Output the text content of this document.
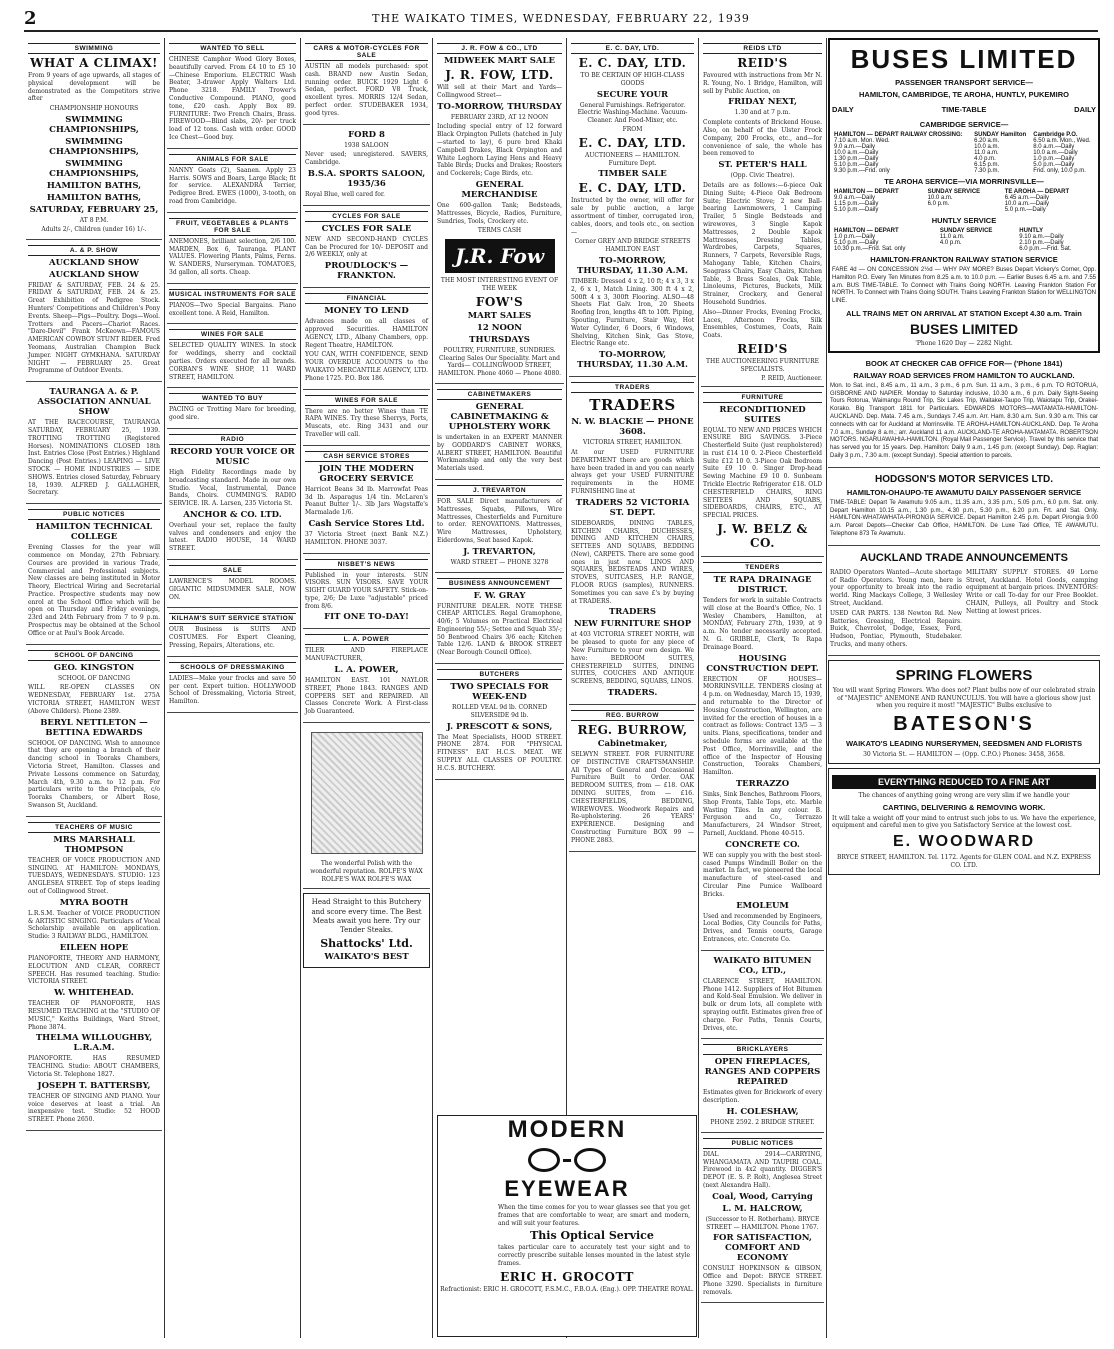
2	THE WAIKATO TIMES, WEDNESDAY, FEBRUARY 22, 1939
SWIMMING
WHAT A CLIMAX!
From 9 years of age upwards, all stages of physical development will be demonstrated as the Competitors strive after
CHAMPIONSHIP HONOURS
SWIMMING CHAMPIONSHIPS,
SWIMMING CHAMPIONSHIPS,
SWIMMING CHAMPIONSHIPS,
HAMILTON BATHS,
HAMILTON BATHS,
SATURDAY, FEBRUARY 25,
AT 8 P.M.
Adults 2/-, Children (under 16) 1/-.
A. & P. SHOW
AUCKLAND SHOW
AUCKLAND SHOW
FRIDAY & SATURDAY, FEB. 24 & 25. FRIDAY & SATURDAY, FEB. 24 & 25. Great Exhibition of Pedigree Stock. Hunters' Competitions and Children's Pony Events. Sheep—Pigs—Poultry. Dogs—Wool. Trotters and Pacers—Chariot Races. "Dare-Devil" Frank McKeown—FAMOUS AMERICAN COWBOY STUNT RIDER. Fred Yeomans, Australian Champion Buck Jumper. NIGHT GYMKHANA. SATURDAY NIGHT — FEBRUARY 25. Great Programme of Outdoor Events.
TAURANGA A. & P. ASSOCIATION ANNUAL SHOW
AT THE RACECOURSE, TAURANGA SATURDAY, FEBRUARY 25, 1939. TROTTING TROTTING (Registered Horses). NOMINATIONS CLOSED 18th Inst. Entries Close (Post Entries.) Highland Dancing (Post Entries.) LEAPING — LIVE STOCK — HOME INDUSTRIES — SIDE SHOWS. Entries closed Saturday, February 18, 1939. ALFRED J. GALLAGHER, Secretary.
PUBLIC NOTICES
HAMILTON TECHNICAL COLLEGE
Evening Classes for the year will commence on Monday, 27th February. Courses are provided in various Trade, Commercial and Professional subjects. New classes are being instituted in Motor Theory, Electrical Wiring and Secretarial Practice. Prospective students may now enrol at the School Office which will be open on Thursday and Friday evenings, 23rd and 24th February from 7 to 9 p.m. Prospectus may be obtained at the School Office or at Paul's Book Arcade.
SCHOOL OF DANCING
GEO. KINGSTON
SCHOOL OF DANCING
WILL RE-OPEN CLASSES ON WEDNESDAY, FEBRUARY 1st. 275A VICTORIA STREET, HAMILTON WEST (Above Childers). Phone 2389.
BERYL NETTLETON — BETTINA EDWARDS
SCHOOL OF DANCING. Wish to announce that they are opening a branch of their dancing school in Tooraks Chambers, Victoria Street, Hamilton. Classes and Private Lessons commence on Saturday, March 4th, 9.30 a.m. to 12 p.m. For particulars write to the Principals, c/o Tooraks Chambers, or Albert Rose, Swanson St, Auckland.
TEACHERS OF MUSIC
MRS MARSHALL THOMPSON
TEACHER OF VOICE PRODUCTION AND SINGING. AT HAMILTON: MONDAYS, TUESDAYS, WEDNESDAYS. STUDIO: 123 ANGLESEA STREET. Top of steps leading out of Collingwood Street.
MYRA BOOTH
L.R.S.M. Teacher of VOICE PRODUCTION & ARTISTIC SINGING. Particulars of Vocal Scholarship available on application. Studio: 3 RAILWAY BLDG., HAMILTON.
EILEEN HOPE
PIANOFORTE, THEORY AND HARMONY, ELOCUTION AND CLEAR, CORRECT SPEECH. Has resumed teaching. Studio: VICTORIA STREET.
W. WHITEHEAD.
TEACHER OF PIANOFORTE, HAS RESUMED TEACHING at the "STUDIO OF MUSIC," Keiths Buildings, Ward Street, Phone 3874.
THELMA WILLOUGHBY, L.R.A.M.
PIANOFORTE. HAS RESUMED TEACHING. Studio: ABOUT CHAMBERS, Victoria St. Telephone 1827.
JOSEPH T. BATTERSBY,
TEACHER OF SINGING AND PIANO. Your voice deserves at least a trial. An inexpensive test. Studio: 52 HOOD STREET. Phone 2650.
WANTED TO SELL
CHINESE Camphor Wood Glory Boxes, beautifully carved. From £4 10 to £5 10—Chinese Emporium. ELECTRIC Wash Beater, 3-drawer Apply Walters Ltd. Phone 3218. FAMILY Trower's Conductive Compound. PIANO, good tone, £20 cash. Apply Box 89. FURNITURE: Two French Chairs, Brass. FIREWOOD—Blind slabs, 20/- per truck load of 12 tons. Cash with order. GOOD Ice Chest—Good buy.
ANIMALS FOR SALE
NANNY Goats (2), Saanen. Apply 23 Harris. SOWS and Boars, Large Black; fit for service. ALEXANDRA Terrier, Pedigree Bred. EWES (1000), 3-tooth, on road from Cambridge.
FRUIT, VEGETABLES & PLANTS FOR SALE
ANEMONES, brilliant selection, 2/6 100. MARDEN, Box 6, Tauranga. PLANT VALUES. Flowering Plants, Palms, Ferns. W. SANDERS, Nurseryman. TOMATOES, 3d gallon, all sorts. Cheap.
MUSICAL INSTRUMENTS FOR SALE
PIANOS—Two Special Bargains. Piano excellent tone. A Reid, Hamilton.
WINES FOR SALE
SELECTED QUALITY WINES. In stock for weddings, sherry and cocktail parties. Orders executed for all brands. CORBAN'S WINE SHOP, 11 WARD STREET, HAMILTON.
WANTED TO BUY
PACING or Trotting Mare for breeding, good sire.
RADIO
RECORD YOUR VOICE OR MUSIC
High Fidelity Recordings made by broadcasting standard. Made in our own Studio. Vocal, Instrumental, Dance Bands, Choirs. CUMMING'S. RADIO SERVICE. IR. A. Larsen, 235 Victoria St.
ANCHOR & CO. LTD.
Overhaul your set, replace the faulty valves and condensers and enjoy the latest. RADIO HOUSE, 14 WARD STREET.
SALE
LAWRENCE'S MODEL ROOMS. GIGANTIC MIDSUMMER SALE, NOW ON.
KILHAM'S SUIT SERVICE STATION
OUR Business is SUITS AND COSTUMES. For Expert Cleaning, Pressing, Repairs, Alterations, etc.
SCHOOLS OF DRESSMAKING
LADIES—Make your frocks and save 50 per cent. Expert tuition. HOLLYWOOD School of Dressmaking, Victoria Street, Hamilton.
CARS & MOTOR-CYCLES FOR SALE
AUSTIN all models purchased: spot cash. BRAND new Austin Sedan, running order. BUICK 1929 Light 6 Sedan, perfect. FORD V8 Truck, excellent tyres. MORRIS 12/4 Sedan, perfect order. STUDEBAKER 1934, good tyres.
FORD 8
1938 SALOON
Never used; unregistered. SAVERS, Cambridge.
B.S.A. SPORTS SALOON, 1935/36
Royal Blue, well cared for.
CYCLES FOR SALE
CYCLES FOR SALE
NEW AND SECOND-HAND CYCLES Can be Procured for 10/- DEPOSIT and 2/6 WEEKLY, only at
PROUDLOCK'S — FRANKTON.
FINANCIAL
MONEY TO LEND
Advances made on all classes of approved Securities. HAMILTON AGENCY, LTD., Albany Chambers, opp. Regent Theatre, HAMILTON.
YOU CAN, WITH CONFIDENCE, SEND YOUR OVERDUE ACCOUNTS to the WAIKATO MERCANTILE AGENCY, LTD. Phone 1725. P.O. Box 186.
WINES FOR SALE
There are no better Wines than TE RAPA WINES. Try these Sherrys, Ports, Muscats, etc. Ring 3431 and our Traveller will call.
CASH SERVICE STORES
JOIN THE MODERN GROCERY SERVICE
Harricot Beans 3d lb. Marrowfat Peas 3d lb. Asparagus 1/4 tin. McLaren's Peanut Butter 1/-. 3lb Jars Wagstaffe's Marmalade 1/6.
Cash Service Stores Ltd.
37 Victoria Street (next Bank N.Z.) HAMILTON. PHONE 3037.
NISBET'S NEWS
Published in your interests. SUN VISORS. SUN VISORS. SAVE YOUR SIGHT GUARD YOUR SAFETY. Stick-on-type, 2/6; De Luxe "adjustable" priced from 8/6.
FIT ONE TO-DAY!
L. A. POWER
TILER AND FIREPLACE MANUFACTURER,
L. A. POWER,
HAMILTON EAST. 101 NAYLOR STREET, Phone 1843. RANGES AND COPPERS SET and REPAIRED. All Classes Concrete Work. A First-class Job Guaranteed.
The wonderful Polish with the wonderful reputation. ROLFE'S WAX ROLFE'S WAX ROLFE'S WAX
Head Straight to this Butchery and score every time. The Best Meats await you here. Try our Tender Steaks.
Shattocks' Ltd.
WAIKATO'S BEST
J. R. FOW & CO., LTD
MIDWEEK MART SALE
J. R. FOW, LTD.
Will sell at their Mart and Yards—Collingwood Street—
TO-MORROW, THURSDAY
FEBRUARY 23RD, AT 12 NOON
Including special entry of 12 forward Black Orpington Pullets (hatched in July—started to lay), 6 pure bred Khaki Campbell Drakes, Black Orpington and White Leghorn Laying Hens and Heavy Table Birds; Ducks and Drakes; Roosters and Cockerels; Cage Birds, etc.
GENERAL MERCHANDISE
One 600-gallon Tank; Bedsteads, Mattresses, Bicycle, Radios, Furniture, Sundries, Tools, Crockery etc.
TERMS CASH
J.R. Fow
THE MOST INTERESTING EVENT OF THE WEEK
FOW'S
MART SALES
12 NOON
THURSDAYS
POULTRY, FURNITURE, SUNDRIES. Clearing Sales Our Speciality. Mart and Yards— COLLINGWOOD STREET, HAMILTON. Phone 4060 — Phone 4080.
CABINETMAKERS
GENERAL CABINETMAKING & UPHOLSTERY WORK
is undertaken in an EXPERT MANNER by GODDARD'S CABINET WORKS, ALBERT STREET, HAMILTON. Beautiful Workmanship and only the very best Materials used.
J. TREVARTON
FOR SALE Direct manufacturers of Mattresses, Squabs, Pillows, Wire Mattresses, Chesterfields and Furniture to order. RENOVATIONS. Mattresses, Wire Mattresses, Upholstery, Eiderdowns, Seat based Kapok.
J. TREVARTON,
WARD STREET — PHONE 3278
BUSINESS ANNOUNCEMENT
F. W. GRAY
FURNITURE DEALER. NOTE THESE CHEAP ARTICLES. Regal Gramophone, 40/6; 5 Volumes on Practical Electrical Engineering 55/-; Settee and Squab 35/-; 50 Bentwood Chairs 3/6 each; Kitchen Table 12/6. LAND & BROOK STREET (Near Borough Council Office).
BUTCHERS
TWO SPECIALS FOR WEEK-END
ROLLED VEAL 9d lb. CORNED SILVERSIDE 9d lb.
J. PRESCOTT & SONS,
The Meat Specialists, HOOD STREET. PHONE 2874. FOR "PHYSICAL FITNESS" EAT H.C.S. MEAT. WE SUPPLY ALL CLASSES OF POULTRY. H.C.S. BUTCHERY.
MODERN
EYEWEAR
When the time comes for you to wear glasses see that you get frames that are comfortable to wear, are smart and modern, and will suit your features.
This Optical Service
takes particular care to accurately test your sight and to correctly prescribe suitable lenses mounted in the latest style frames.
ERIC H. GROCOTT
Refractionist: ERIC H. GROCOTT, F.S.M.C., F.B.O.A. (Eng.). OPP. THEATRE ROYAL.
E. C. DAY, LTD.
E. C. DAY, LTD.
TO BE CERTAIN OF HIGH-CLASS GOODS
SECURE YOUR
General Furnishings. Refrigerator. Electric Washing-Machine. Vacuum-Cleaner. And Food-Mixer, etc.
FROM
E. C. DAY, LTD.
AUCTIONEERS — HAMILTON. Furniture Dept.
TIMBER SALE
E. C. DAY, LTD.
Instructed by the owner, will offer for sale by public auction, a large assortment of timber, corrugated iron, cables, doors, and tools etc., on section—
Corner GREY AND BRIDGE STREETS HAMILTON EAST
TO-MORROW, THURSDAY, 11.30 A.M.
TIMBER: Dressed 4 x 2, 10 ft; 4 x 3, 3 x 2, 6 x 1, Match Lining. 300 ft 4 x 2, 500ft 4 x 3, 300ft Flooring. ALSO—48 Sheets Flat Galv. Iron, 20 Sheets Roofing Iron, lengths 4ft to 10ft. Piping, Spouting, Furniture, Stair Way, Hot Water Cylinder, 6 Doors, 6 Windows, Shelving, Kitchen Sink, Gas Stove, Electric Range etc.
TO-MORROW, THURSDAY, 11.30 A.M.
TRADERS
TRADERS
N. W. BLACKIE — PHONE 3608.
VICTORIA STREET, HAMILTON.
At our USED FURNITURE DEPARTMENT there are goods which have been traded in and you can nearly always get your USED FURNITURE requirements in the HOME FURNISHING line at
TRADERS 52 VICTORIA ST. DEPT.
SIDEBOARDS, DINING TABLES, KITCHEN CHAIRS, DUCHESSES, DINING AND KITCHEN CHAIRS, SETTEES AND SQUABS, BEDDING (New), CARPETS. There are some good ones in just now. LINOS AND SQUARES, BEDSTEADS AND WIRES, STOVES, SUITCASES, H.P. RANGE, FLOOR RUGS (samples), RUNNERS. Sometimes you can save £'s by buying at TRADERS.
TRADERS
NEW FURNITURE SHOP
at 403 VICTORIA STREET NORTH, will be pleased to quote for any piece of New Furniture to your own design. We have: BEDROOM SUITES, CHESTERFIELD SUITES, DINING SUITES, COUCHES AND ANTIQUE SCREENS, BEDDING, SQUABS, LINOS.
TRADERS.
REG. BURROW
REG. BURROW,
Cabinetmaker,
SELWYN STREET. FOR FURNITURE OF DISTINCTIVE CRAFTSMANSHIP. All Types of General and Occasional Furniture Built to Order. OAK BEDROOM SUITES, from — £18. OAK DINING SUITES, from — £16. CHESTERFIELDS, BEDDING, WIREWOVES. Woodwork Repairs and Re-upholstering. 26 YEARS' EXPERIENCE. Designing and Constructing Furniture BOX 99 — PHONE 2883.
REIDS LTD
REID'S
Favoured with instructions from Mr N. R. Young, No. 1 Bridge, Hamilton, will sell by Public Auction, on
FRIDAY NEXT,
1.30 and at 7 p.m.
Complete contents of Brickend House. Also, on behalf of the Ulster Frock Company, 200 Frocks, etc., and—for convenience of sale, the whole has been removed to
ST. PETER'S HALL
(Opp. Civic Theatre).
Details are as follows:—6-piece Oak Dining Suite; 4-Piece Oak Bedroom Suite; Electric Stove; 2 new Ball-bearing Lawnmowers, 1 Camping Trailer, 5 Single Bedsteads and wirewoves, 3 Single Kapok Mattresses, 2 Double Kapok Mattresses, Dressing Tables, Wardrobes, Carpets, Squares, Runners, 7 Carpets, Reversible Rugs, Mahogany Table, Kitchen Chairs, Seagrass Chairs, Easy Chairs, Kitchen Table, 3 Brass Scales, Oak Table, Linoleums, Pictures, Buckets, Milk Strainer, Crockery, and General Household Sundries.
Also—Dinner Frocks, Evening Frocks, Laces, Afternoon Frocks, Silk Ensembles, Costumes, Coats, Rain Coats.
REID'S
THE AUCTIONEERING FURNITURE SPECIALISTS.
P. REID, Auctioneer.
FURNITURE
RECONDITIONED SUITES
EQUAL TO NEW AND PRICES WHICH ENSURE BIG SAVINGS. 3-Piece Chesterfield Suite (just reupholstered) in rust £14 10 0. 2-Piece Chesterfield Suite £12 10 0. 3-Piece Oak Bedroom Suite £9 10 0. Singer Drop-head Sewing Machine £9 10 0. Sunbeam Trickle Electric Refrigerator £18. OLD CHESTERFIELD CHAIRS, RING SETTEES AND SQUABS, SIDEBOARDS, CHAIRS, ETC., AT SPECIAL PRICES.
J. W. BELZ & CO.
TENDERS
TE RAPA DRAINAGE DISTRICT.
Tenders for work in suitable Contracts will close at the Board's Office, No. 1 Wesley Chambers, Hamilton, at MONDAY, February 27th, 1939, at 9 a.m. No tender necessarily accepted. N. G. GRIBBLE, Clerk, Te Rapa Drainage Board.
HOUSING CONSTRUCTION DEPT.
ERECTION OF HOUSES—MORRINSVILLE. TENDERS closing at 4 p.m. on Wednesday, March 15, 1939, and returnable to the Director of Housing Construction, Wellington, are invited for the erection of houses in a contract as follows: Contract 13/5 — 3 units. Plans, specifications, tender and schedule forms are available at the Post Office, Morrinsville, and the office of the Inspector of Housing Construction, Tooraks Chambers, Hamilton.
TERRAZZO
Sinks, Sink Benches, Bathroom Floors, Shop Fronts, Table Tops, etc. Marble Wasting Tiles. In any colour. B. Ferguson and Co., Terrazzo Manufacturers, 24 Windsor Street, Parnell, Auckland. Phone 40-515.
CONCRETE CO.
WE can supply you with the best steel-cased Pumps Windmill Boiler on the market. In fact, we pioneered the local manufacture of steel-cased and Circular Pine Pumice Wallboard Bricks.
EMOLEUM
Used and recommended by Engineers, Local Bodies, City Councils for Paths, Drives, and Tennis courts, Garage Entrances, etc. Concrete Co.
WAIKATO BITUMEN CO., LTD.,
CLARENCE STREET, HAMILTON. Phone 1412. Suppliers of Hot Bitumen and Kold-Seal Emulsion. We deliver in bulk or drum lots, all complete with spraying outfit. Estimates given free of charge. For Paths, Tennis Courts, Drives, etc.
BRICKLAYERS
OPEN FIREPLACES, RANGES AND COPPERS REPAIRED
Estimates given for Brickwork of every description.
H. COLESHAW,
PHONE 2592. 2 BRIDGE STREET.
PUBLIC NOTICES
DIAL 2914—CARRYING, WHANGAMATA AND TAUPIRI COAL. Firewood in 4x2 quantity. DIGGER'S DEPOT (E. S. P. Rolt), Anglesea Street (next Alexandra Hall).
Coal, Wood, Carrying
L. M. HALCROW,
(Successor to H. Rotherham). BRYCE STREET — HAMILTON. Phone 1767.
FOR SATISFACTION, COMFORT AND ECONOMY
CONSULT HOPKINSON & GIBSON, Office and Depot: BRYCE STREET. Phone 3290. Specialists in furniture removals.
BUSES LIMITED
PASSENGER TRANSPORT SERVICE—
HAMILTON, CAMBRIDGE, TE AROHA, HUNTLY, PUKEMIRO
DAILY	TIME-TABLE	DAILY
CAMBRIDGE SERVICE—
HAMILTON — DEPART RAILWAY CROSSING:	SUNDAY Hamilton	Cambridge P.O.
7.10 a.m. Mon. Wed.	6.20 a.m.	6.50 a.m. Mon., Wed.
9.0 a.m.—Daily	10.0 a.m.	8.0 a.m.—Daily
10.0 a.m.—Daily	11.0 a.m.	10.0 a.m.—Daily
1.30 p.m.—Daily	4.0 p.m.	1.0 p.m.—Daily
5.10 p.m.—Daily	6.15 p.m.	5.0 p.m.—Daily
9.30 p.m.—Frid. only	7.30 p.m.	Frid. only, 10.0 p.m.
TE AROHA SERVICE—VIA MORRINSVILLE—
HAMILTON — DEPART	SUNDAY SERVICE	TE AROHA — DEPART
9.0 a.m.—Daily	10.0 a.m.	6.45 a.m.—Daily
1.15 p.m.—Daily	6.0 p.m.	10.0 a.m.—Daily
5.10 p.m.—Daily		5.0 p.m.—Daily
HUNTLY SERVICE
HAMILTON — DEPART	SUNDAY SERVICE	HUNTLY
1.0 p.m.—Daily	11.0 a.m.	9.10 a.m.—Daily
5.10 p.m.—Daily	4.0 p.m.	2.10 p.m.—Daily
10.30 p.m.—Frid. Sat. only		6.0 p.m.—Frid. Sat.
HAMILTON-FRANKTON RAILWAY STATION SERVICE
FARE 4d — ON CONCESSION 2½d — WHY PAY MORE? Buses Depart Vickery's Corner, Opp. Hamilton P.O. Every Ten Minutes from 8.25 a.m. to 10.0 p.m. — Earlier Buses 6.45 a.m. and 7.55 a.m. BUS TIME-TABLE. To Connect with Trains Going NORTH. Leaving Frankton Station For NORTH. To Connect with Trains Going SOUTH. Trains Leaving Frankton Station for WELLINGTON LINE.
ALL TRAINS MET ON ARRIVAL AT STATION Except 4.30 a.m. Train
BUSES LIMITED
'Phone 1620 Day — 2282 Night.
BOOK AT CHECKER CAB OFFICE FOR— ('Phone 1841)
RAILWAY ROAD SERVICES FROM HAMILTON TO AUCKLAND.
Mon. to Sat. incl., 8.45 a.m., 11 a.m., 3 p.m., 6 p.m. Sun. 11 a.m., 3 p.m., 6 p.m. TO ROTORUA, GISBORNE AND NAPIER. Monday to Saturday inclusive, 10.30 a.m., 6 p.m. Daily Sight-Seeing Tours Rotorua, Waimangu Round Trip, Six Lakes Trip, Waitakei-Taupo Trip, Waiotapu Trip, Orakei-Korako. Big Transport 1811 for Particulars. EDWARDS MOTORS—MATAMATA-HAMILTON-AUCKLAND. Dep. Mata. 7.45 a.m., Sundays 7.45 a.m. Arr. Ham. 8.30 a.m. Sun. 9.30 a.m. This car connects with car for Auckland at Morrinsville. TE AROHA-HAMILTON-AUCKLAND. Dep. Te Aroha 7.0 a.m., Sunday 8 a.m.; arr. Auckland 11 a.m. AUCKLAND-TE AROHA-MATAMATA. ROBERTSON MOTORS. NGARUAWAHIA-HAMILTON. (Royal Mail Passenger Service). Travel by this service that has served you for 15 years. Dep. Hamilton: Daily 9 a.m., 1.45 p.m. (except Sunday). Dep. Raglan: Daily 3 p.m., 7.30 a.m. (except Sunday). Special attention to parcels.
HODGSON'S MOTOR SERVICES LTD.
HAMILTON-OHAUPO-TE AWAMUTU DAILY PASSENGER SERVICE
TIME-TABLE: Depart Te Awamutu 9.05 a.m., 11.35 a.m., 3.35 p.m., 5.05 p.m., 6.0 p.m. Sat. only. Depart Hamilton 10.15 a.m., 1.30 p.m., 4.30 p.m., 5.30 p.m., 6.20 p.m. Frt. and Sat. Only. HAMILTON-WHATAWHATA-PIRONGIA SERVICE. Depart Hamilton 2.45 p.m. Depart Pirongia 9.00 a.m. Parcel Depots—Checker Cab Office, HAMILTON. De Luxe Taxi Office, TE AWAMUTU. Telephone 873 Te Awamutu.
AUCKLAND TRADE ANNOUNCEMENTS
RADIO Operators Wanted—Acute shortage of Radio Operators. Young men, here is your opportunity to break into the radio world. Ring Mackays College, 3 Wellesley Street, Auckland.
USED CAR PARTS. 138 Newton Rd. New Batteries, Greasing, Electrical Repairs. Buick, Chevrolet, Dodge, Essex, Ford, Hudson, Pontiac, Plymouth, Studebaker. Trucks, and many others.
MILITARY SUPPLY STORES. 49 Lorne Street, Auckland. Hotel Goods, camping equipment at bargain prices. INVENTORS: Write or call To-day for our Free Booklet. CHAIN, Pulleys, all Poultry and Stock Netting at lowest prices.
SPRING FLOWERS
You will want Spring Flowers. Who does not? Plant bulbs now of our celebrated strain of "MAJESTIC" ANEMONE AND RANUNCULUS. You will have a glorious show just when you require it most! "MAJESTIC" Bulbs exclusive to
BATESON'S
WAIKATO'S LEADING NURSERYMEN, SEEDSMEN AND FLORISTS
30 Victoria St. — HAMILTON — (Opp. C.P.O.) Phones: 3458, 3658.
EVERYTHING REDUCED TO A FINE ART
The chances of anything going wrong are very slim if we handle your
CARTING, DELIVERING & REMOVING WORK.
It will take a weight off your mind to entrust such jobs to us. We have the experience, equipment and careful men to give you Satisfactory Service at the lowest cost.
E. WOODWARD
BRYCE STREET, HAMILTON. Tel. 1172. Agents for GLEN COAL and N.Z. EXPRESS CO. LTD.
